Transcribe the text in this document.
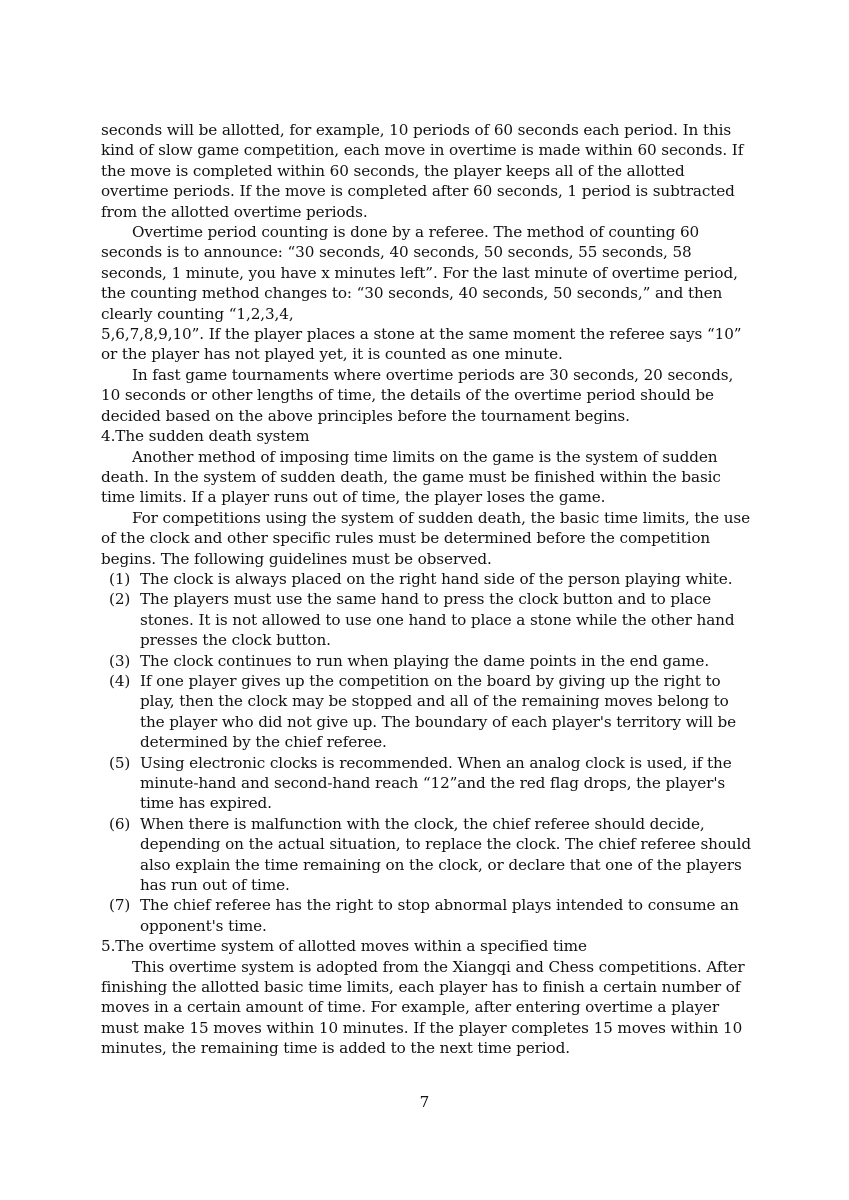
seconds will be allotted, for example, 10 periods of 60 seconds each period. In this kind of slow game competition, each move in overtime is made within 60 seconds. If the move is completed within 60 seconds, the player keeps all of the allotted overtime periods. If the move is completed after 60 seconds, 1 period is subtracted from the allotted overtime periods.

Overtime period counting is done by a referee. The method of counting 60 seconds is to announce: “30 seconds, 40 seconds, 50 seconds, 55 seconds, 58 seconds, 1 minute, you have x minutes left”. For the last minute of overtime period, the counting method changes to: “30 seconds, 40 seconds, 50 seconds,” and then clearly counting “1,2,3,4,

5,6,7,8,9,10”. If the player places a stone at the same moment the referee says “10” or the player has not played yet, it is counted as one minute.

In fast game tournaments where overtime periods are 30 seconds, 20 seconds, 10 seconds or other lengths of time, the details of the overtime period should be decided based on the above principles before the tournament begins.

4.The sudden death system

Another method of imposing time limits on the game is the system of sudden death. In the system of sudden death, the game must be finished within the basic time limits. If a player runs out of time, the player loses the game.

For competitions using the system of sudden death, the basic time limits, the use of the clock and other specific rules must be determined before the competition begins. The following guidelines must be observed.

(1) The clock is always placed on the right hand side of the person playing white.
(2) The players must use the same hand to press the clock button and to place stones. It is not allowed to use one hand to place a stone while the other hand presses the clock button.
(3) The clock continues to run when playing the dame points in the end game.
(4) If one player gives up the competition on the board by giving up the right to play, then the clock may be stopped and all of the remaining moves belong to the player who did not give up. The boundary of each player's territory will be determined by the chief referee.
(5) Using electronic clocks is recommended. When an analog clock is used, if the minute-hand and second-hand reach “12”and the red flag drops, the player's time has expired.
(6) When there is malfunction with the clock, the chief referee should decide, depending on the actual situation, to replace the clock. The chief referee should also explain the time remaining on the clock, or declare that one of the players has run out of time.
(7) The chief referee has the right to stop abnormal plays intended to consume an opponent's time.
5.The overtime system of allotted moves within a specified time

This overtime system is adopted from the Xiangqi and Chess competitions. After finishing the allotted basic time limits, each player has to finish a certain number of moves in a certain amount of time. For example, after entering overtime a player must make 15 moves within 10 minutes. If the player completes 15 moves within 10 minutes, the remaining time is added to the next time period.

7
